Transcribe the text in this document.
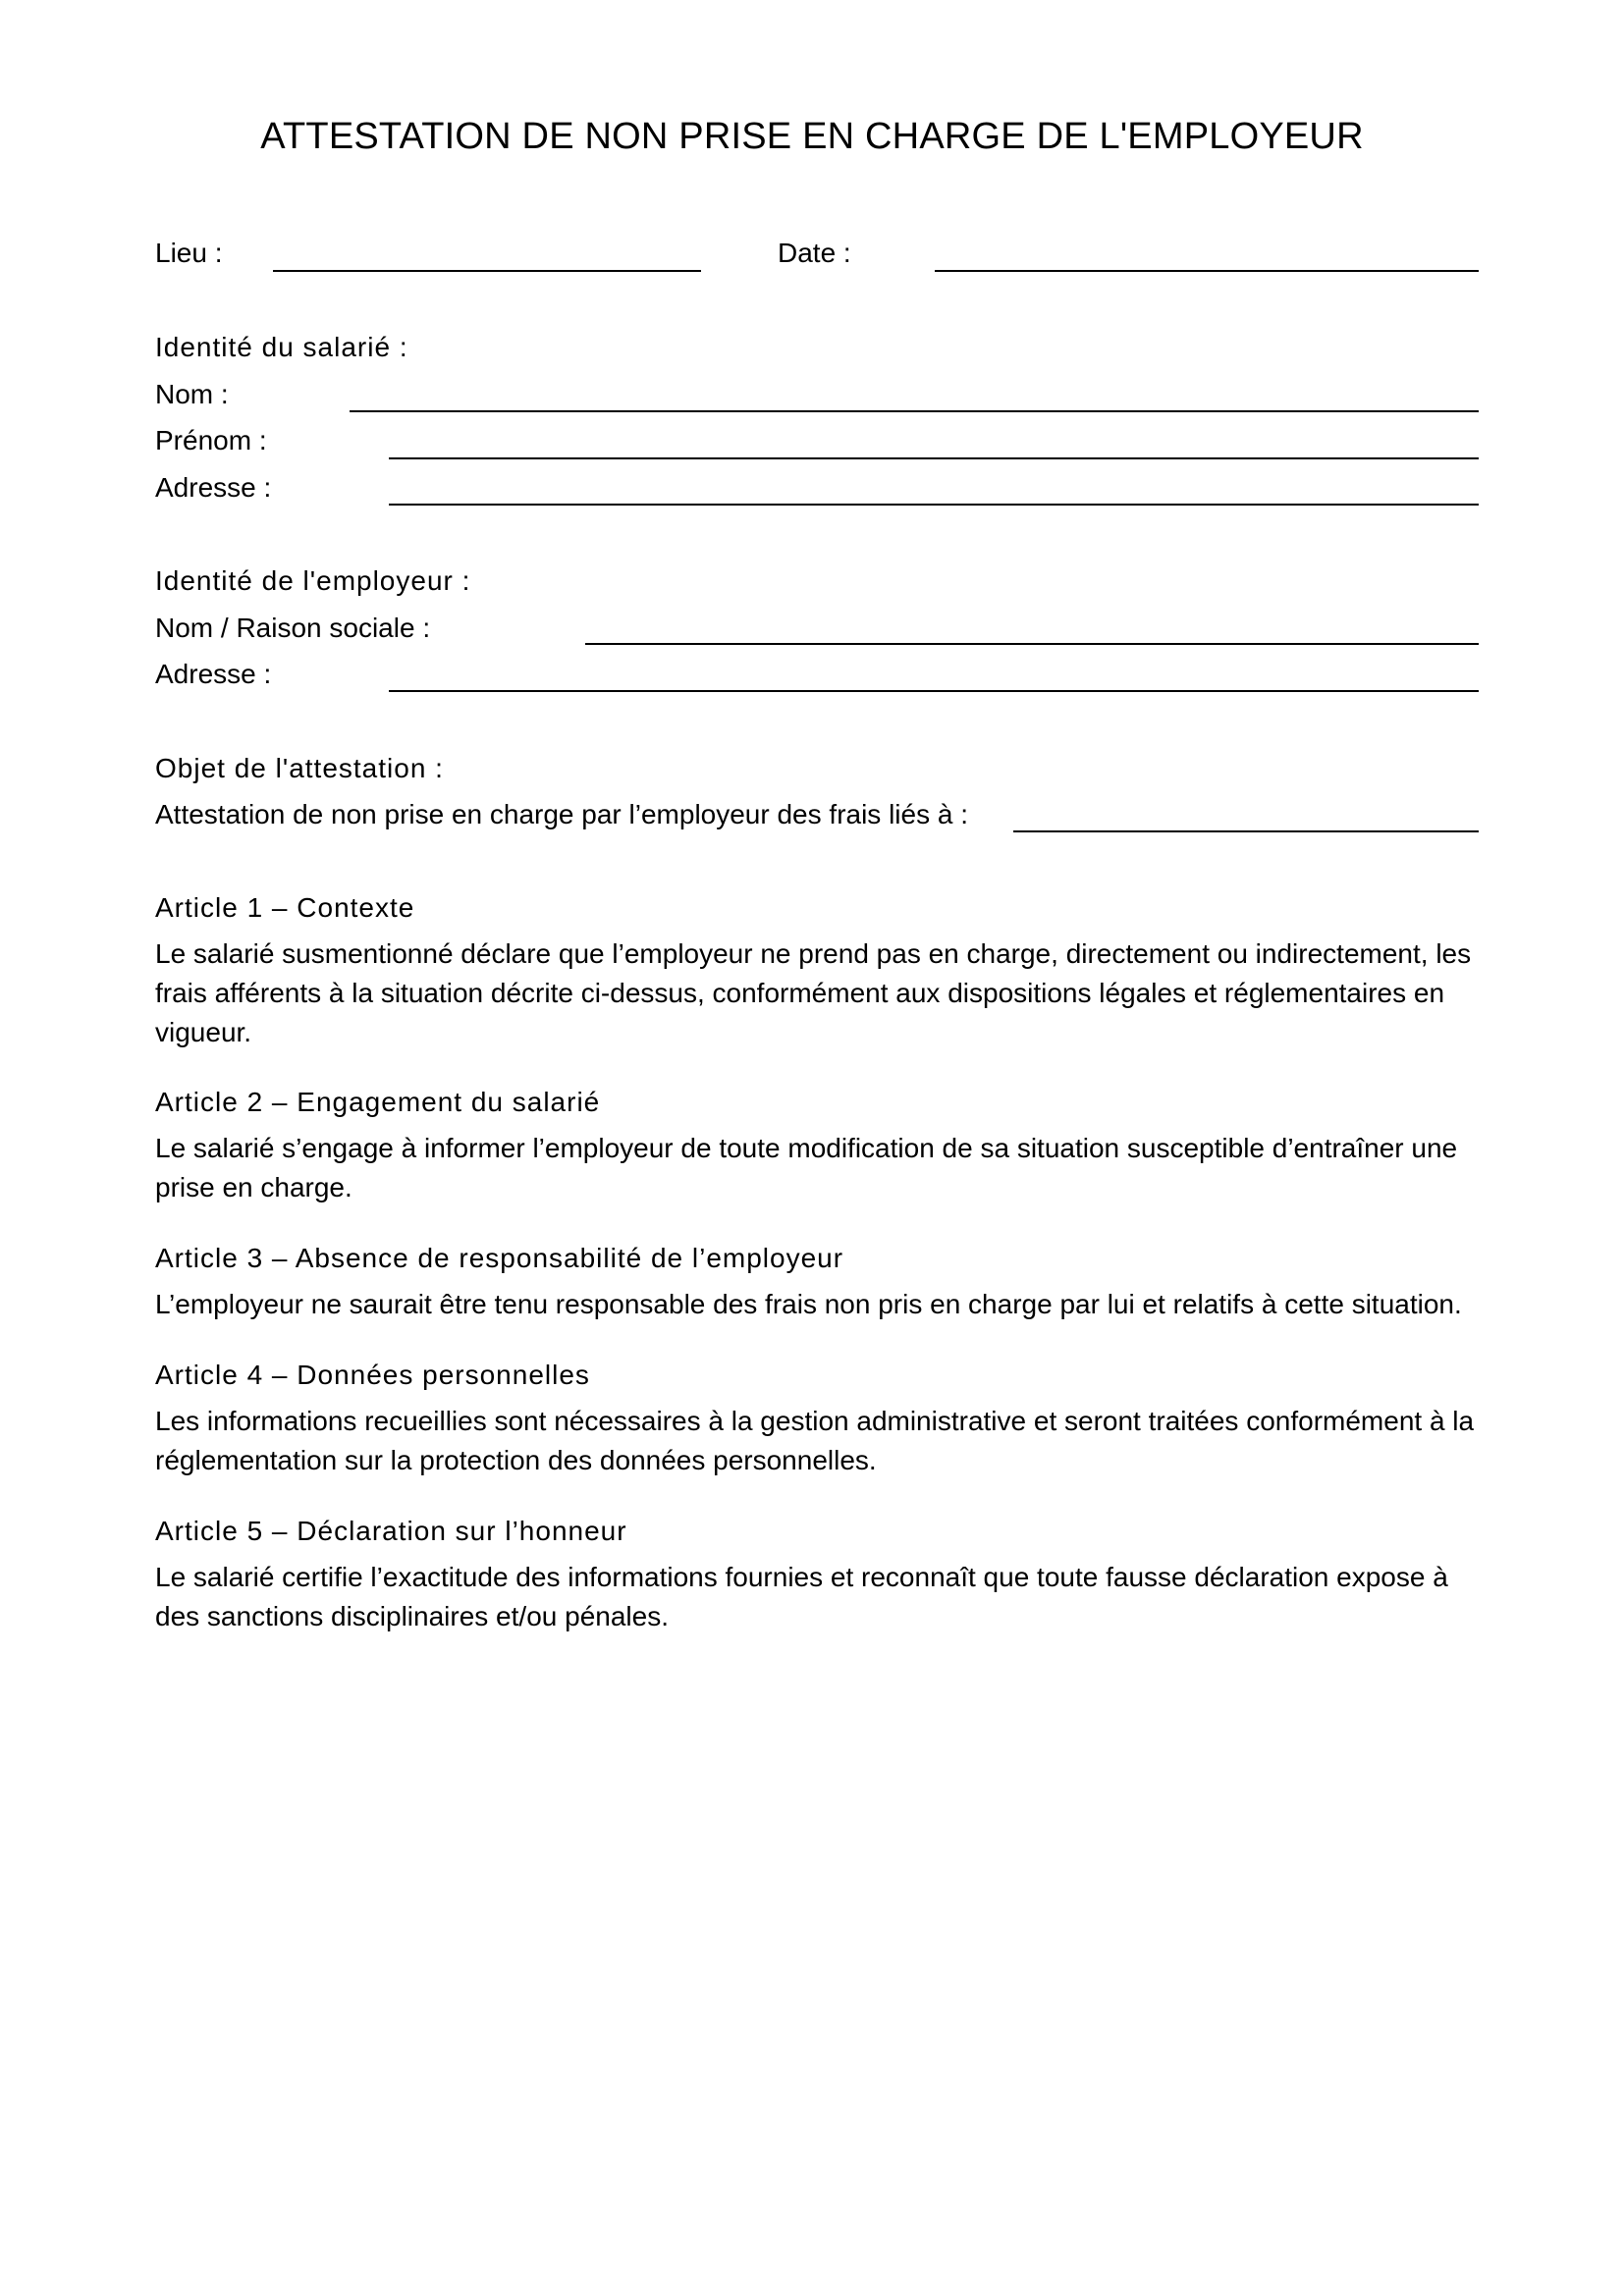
ATTESTATION DE NON PRISE EN CHARGE DE L'EMPLOYEUR
Lieu :	Date :
Identité du salarié :
Nom :
Prénom :
Adresse :
Identité de l'employeur :
Nom / Raison sociale :
Adresse :
Objet de l'attestation :
Attestation de non prise en charge par l’employeur des frais liés à :
Article 1 – Contexte

Le salarié susmentionné déclare que l’employeur ne prend pas en charge, directement ou indirectement, les frais afférents à la situation décrite ci-dessus, conformément aux dispositions légales et réglementaires en vigueur.

Article 2 – Engagement du salarié

Le salarié s’engage à informer l’employeur de toute modification de sa situation susceptible d’entraîner une prise en charge.

Article 3 – Absence de responsabilité de l’employeur

L’employeur ne saurait être tenu responsable des frais non pris en charge par lui et relatifs à cette situation.

Article 4 – Données personnelles

Les informations recueillies sont nécessaires à la gestion administrative et seront traitées conformément à la réglementation sur la protection des données personnelles.

Article 5 – Déclaration sur l’honneur

Le salarié certifie l’exactitude des informations fournies et reconnaît que toute fausse déclaration expose à des sanctions disciplinaires et/ou pénales.
